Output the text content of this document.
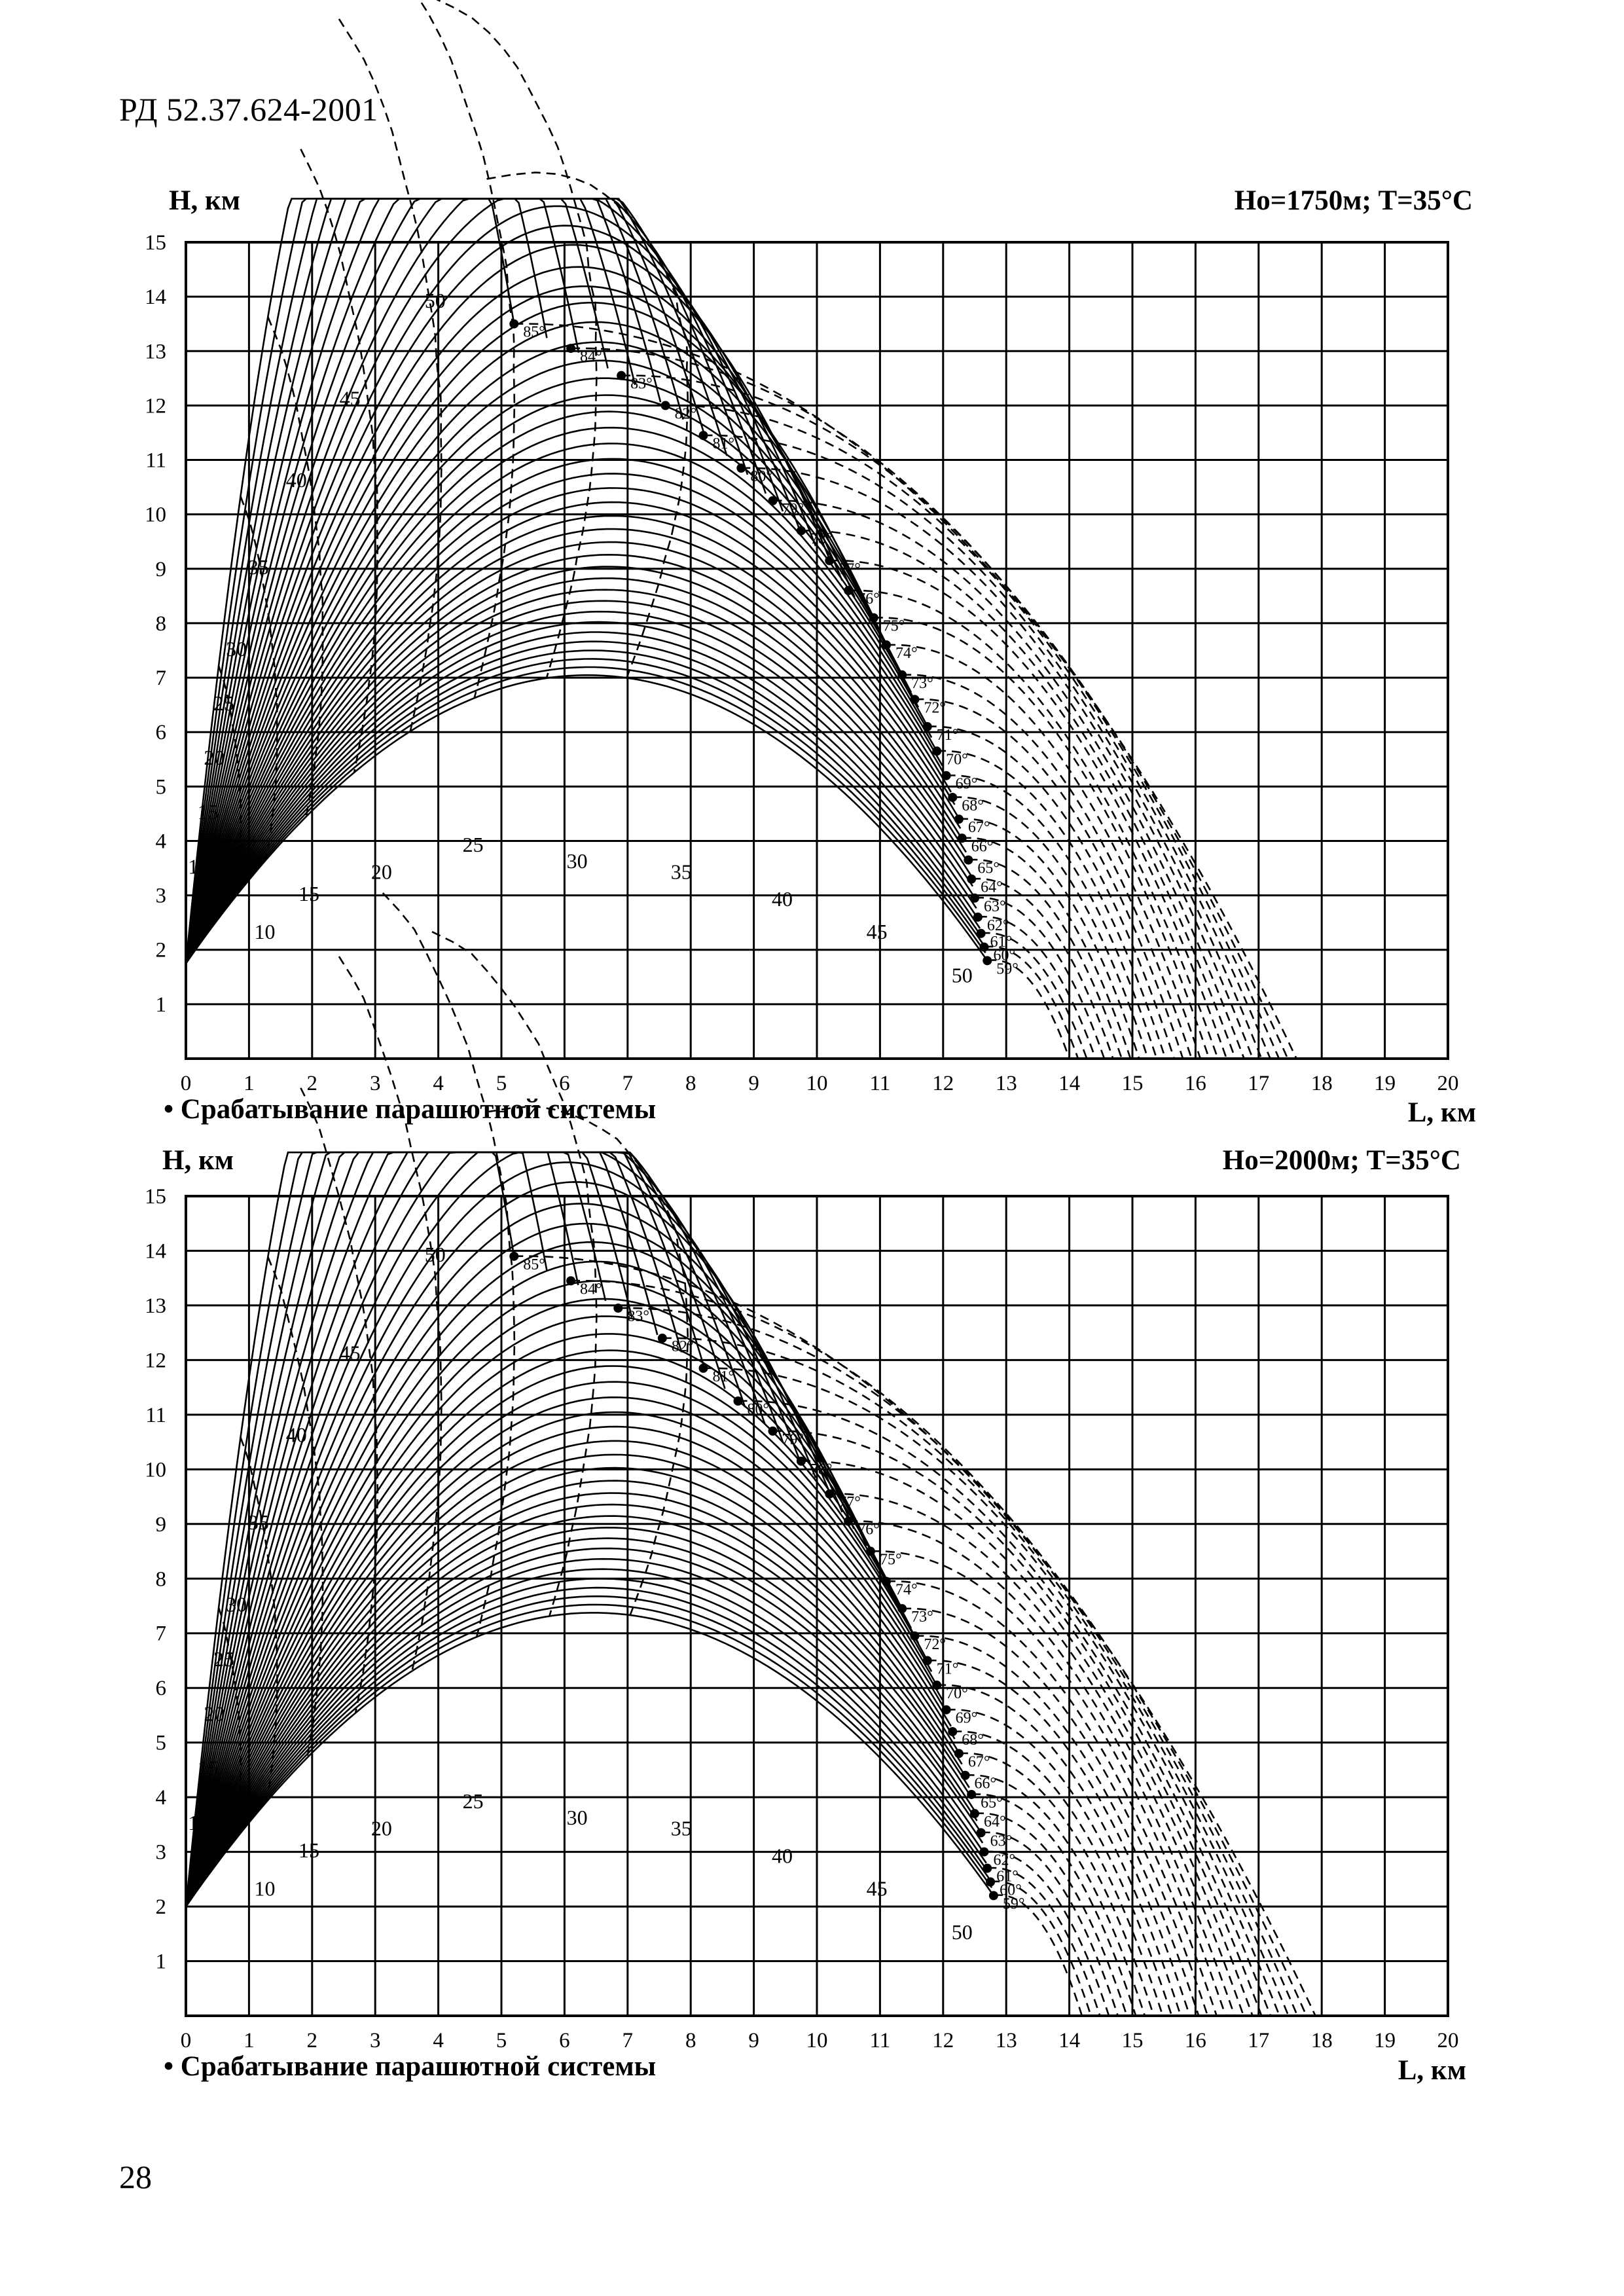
РД 52.37.624-2001
10
10
15
15
20
20
25
25
30
30
35
35
40
40
45
45
50
50
85°
84°
83°
82°
81°
80°
79°
78°
77°
76°
75°
74°
73°
72°
71°
70°
69°
68°
67°
66°
65°
64°
63°
62°
61°
60°
59°
0 1 2 3 4 5 6 7 8 9 10 11 12 13 14 15 16 17 18 19 20
1
2
3
4
5
6
7
8
9
10
11
12
13
14
15
H, км	Ho=1750м; T=35°C
• Срабатывание парашютной системы	L, км
10
10
15
15
20
20
25
25
30
30
35
35
40
40
45
45
50
50
85°
84°
83°
82°
81°
80°
79°
78°
77°
76°
75°
74°
73°
72°
71°
70°
69°
68°
67°
66°
65°
64°
63°
62°
61°
60°
59°
0 1 2 3 4 5 6 7 8 9 10 11 12 13 14 15 16 17 18 19 20
1
2
3
4
5
6
7
8
9
10
11
12
13
14
15
H, км	Ho=2000м; T=35°C
• Срабатывание парашютной системы	L, км
28
